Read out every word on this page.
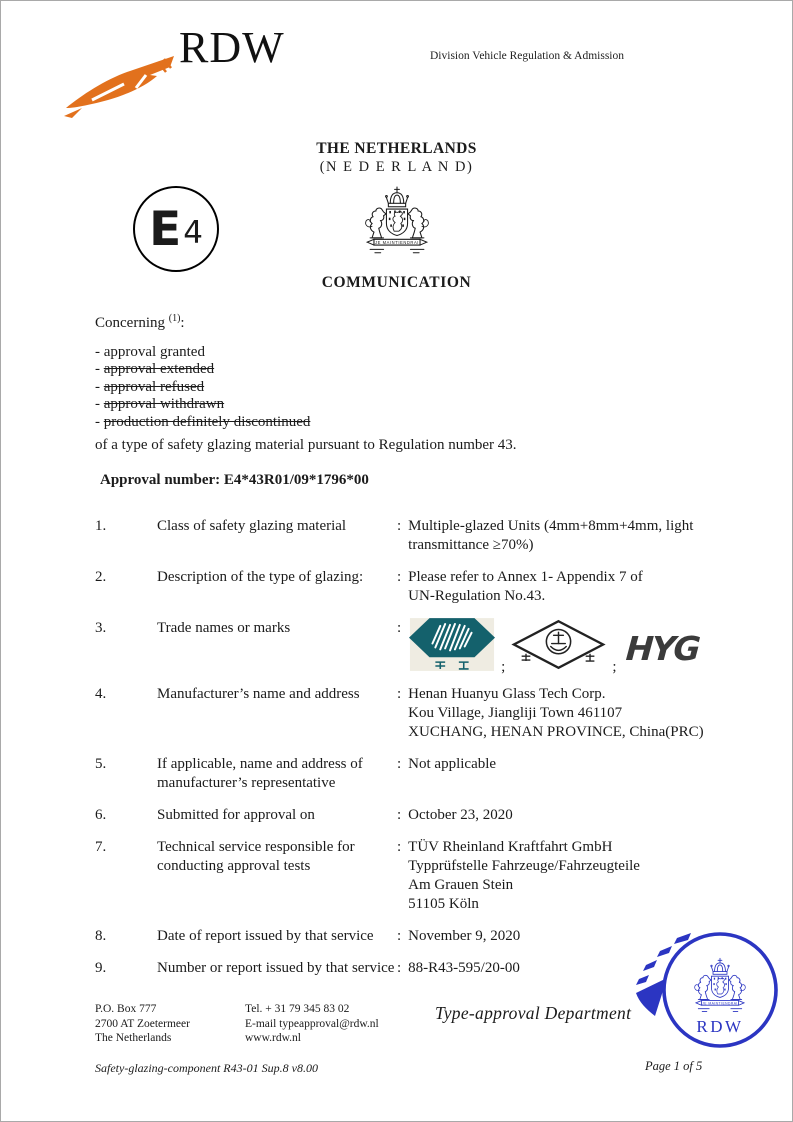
RDW	Division Vehicle Regulation & Admission
E 4
THE NETHERLANDS
(N E D E R L A N D)
COMMUNICATION
Concerning $^{(1)}$:
- approval granted
- approval extended
- approval refused
- approval withdrawn
- production definitely discontinued
of a type of safety glazing material pursuant to Regulation number 43.
Approval number: E4*43R01/09*1796*00
1.	Class of safety glazing material	: Multiple-glazed Units (4mm+8mm+4mm, light
transmittance ≥70%)
2.	Description of the type of glazing:	: Please refer to Annex 1- Appendix 7 of
UN-Regulation No.43.
3.	Trade names or marks	:
;	; HYG
4.	Manufacturer’s name and address	: Henan Huanyu Glass Tech Corp.
Kou Village, Jiangliji Town 461107
XUCHANG, HENAN PROVINCE, China(PRC)
5.	If applicable, name and address of manufacturer’s representative
: Not applicable
6.	Submitted for approval on	: October 23, 2020
7.	Technical service responsible for conducting approval tests
: TÜV Rheinland Kraftfahrt GmbH
Typprüfstelle Fahrzeuge/Fahrzeugteile
Am Grauen Stein
51105 Köln
8.	Date of report issued by that service	: November 9, 2020
9.	Number or report issued by that service : 88-R43-595/20-00
P.O. Box 777
2700 AT Zoetermeer
The Netherlands
Tel. + 31 79 345 83 02
E-mail typeapproval@rdw.nl
www.rdw.nl
Type-approval Department
RDW
Safety-glazing-component R43-01 Sup.8 v8.00	Page 1 of 5
